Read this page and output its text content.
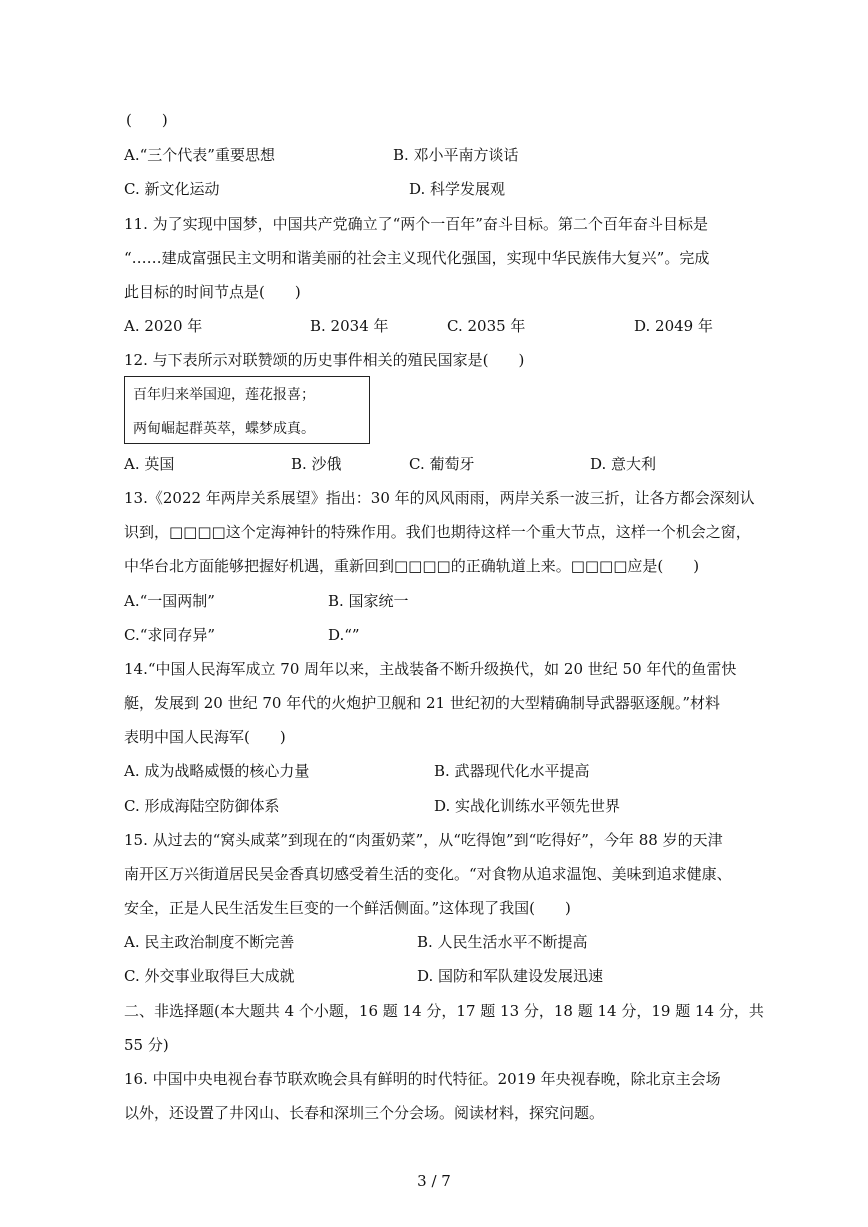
(　　)
A.“三个代表”重要思想	B. 邓小平南方谈话
C. 新文化运动	D. 科学发展观
11. 为了实现中国梦，中国共产党确立了“两个一百年”奋斗目标。第二个百年奋斗目标是
“……建成富强民主文明和谐美丽的社会主义现代化强国，实现中华民族伟大复兴”。完成
此目标的时间节点是(　　)
A. 2020 年	B. 2034 年	C. 2035 年	D. 2049 年
12. 与下表所示对联赞颂的历史事件相关的殖民国家是(　　)
百年归来举国迎，莲花报喜；
两甸崛起群英萃，蝶梦成真。
A. 英国	B. 沙俄	C. 葡萄牙	D. 意大利
13.《2022 年两岸关系展望》指出：30 年的风风雨雨，两岸关系一波三折，让各方都会深刻认
识到，□□□□这个定海神针的特殊作用。我们也期待这样一个重大节点，这样一个机会之窗，
中华台北方面能够把握好机遇，重新回到□□□□的正确轨道上来。□□□□应是(　　)
A.“一国两制”	B. 国家统一
C.“求同存异”	D.“”
14.“中国人民海军成立 70 周年以来，主战装备不断升级换代，如 20 世纪 50 年代的鱼雷快
艇，发展到 20 世纪 70 年代的火炮护卫舰和 21 世纪初的大型精确制导武器驱逐舰。”材料
表明中国人民海军(　　)
A. 成为战略威慑的核心力量	B. 武器现代化水平提高
C. 形成海陆空防御体系	D. 实战化训练水平领先世界
15. 从过去的“窝头咸菜”到现在的“肉蛋奶菜”，从“吃得饱”到“吃得好”，今年 88 岁的天津
南开区万兴街道居民吴金香真切感受着生活的变化。“对食物从追求温饱、美味到追求健康、
安全，正是人民生活发生巨变的一个鲜活侧面。”这体现了我国(　　)
A. 民主政治制度不断完善	B. 人民生活水平不断提高
C. 外交事业取得巨大成就	D. 国防和军队建设发展迅速
二、非选择题(本大题共 4 个小题，16 题 14 分，17 题 13 分，18 题 14 分，19 题 14 分，共
55 分)
16. 中国中央电视台春节联欢晚会具有鲜明的时代特征。2019 年央视春晚，除北京主会场
以外，还设置了井冈山、长春和深圳三个分会场。阅读材料，探究问题。
3 / 7
